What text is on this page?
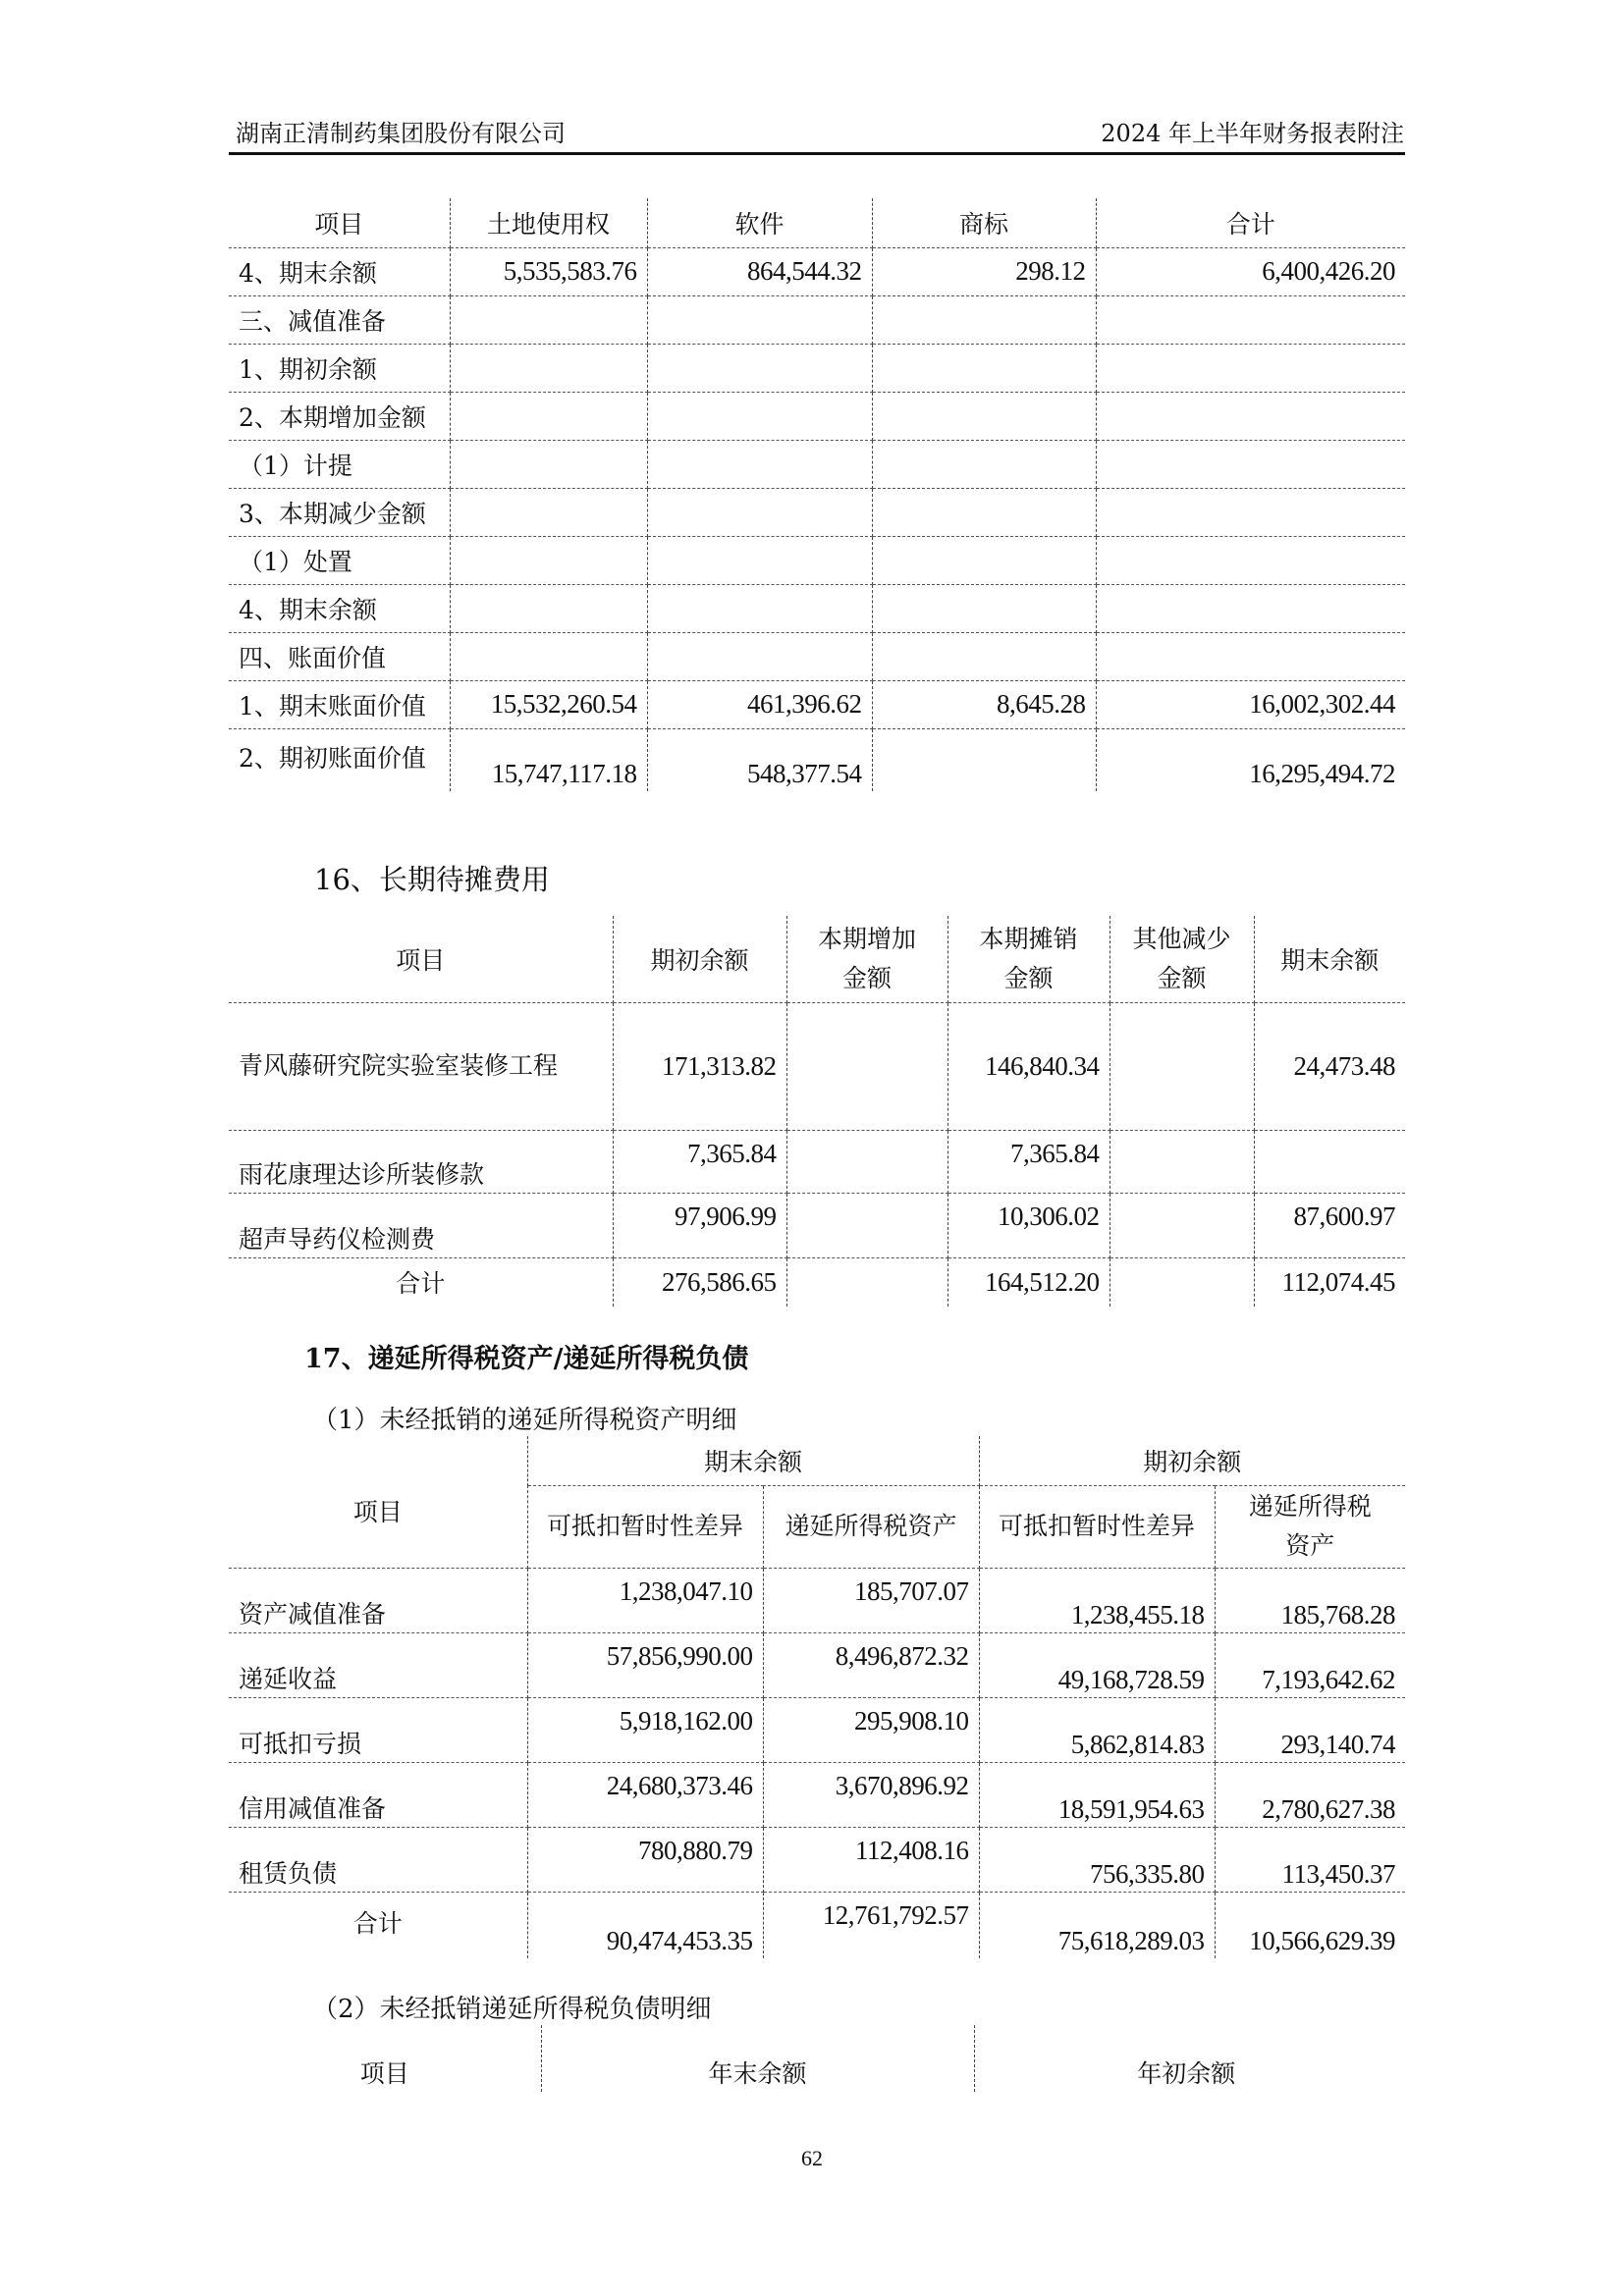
湖南正清制药集团股份有限公司	2024 年上半年财务报表附注
项目	土地使用权	软件	商标	合计
4、期末余额	5,535,583.76	864,544.32	298.12	6,400,426.20
三、减值准备				
1、期初余额				
2、本期增加金额				
（1）计提				
3、本期减少金额				
（1）处置				
4、期末余额				
四、账面价值				
1、期末账面价值	15,532,260.54	461,396.62	8,645.28	16,002,302.44
2、期初账面价值	15,747,117.18	548,377.54		16,295,494.72
16、长期待摊费用
项目	期初余额	本期增加金额	本期摊销金额	其他减少金额	期末余额
青风藤研究院实验室装修工程	171,313.82		146,840.34		24,473.48
雨花康理达诊所装修款	7,365.84		7,365.84		
超声导药仪检测费	97,906.99		10,306.02		87,600.97
合计	276,586.65		164,512.20		112,074.45
17、递延所得税资产/递延所得税负债
（1）未经抵销的递延所得税资产明细
项目	期末余额		期初余额	
	可抵扣暂时性差异	递延所得税资产	可抵扣暂时性差异	递延所得税资产
资产减值准备	1,238,047.10	185,707.07	1,238,455.18	185,768.28
递延收益	57,856,990.00	8,496,872.32	49,168,728.59	7,193,642.62
可抵扣亏损	5,918,162.00	295,908.10	5,862,814.83	293,140.74
信用减值准备	24,680,373.46	3,670,896.92	18,591,954.63	2,780,627.38
租赁负债	780,880.79	112,408.16	756,335.80	113,450.37
合计	90,474,453.35	12,761,792.57	75,618,289.03	10,566,629.39
（2）未经抵销递延所得税负债明细
项目	年末余额	年初余额
62
